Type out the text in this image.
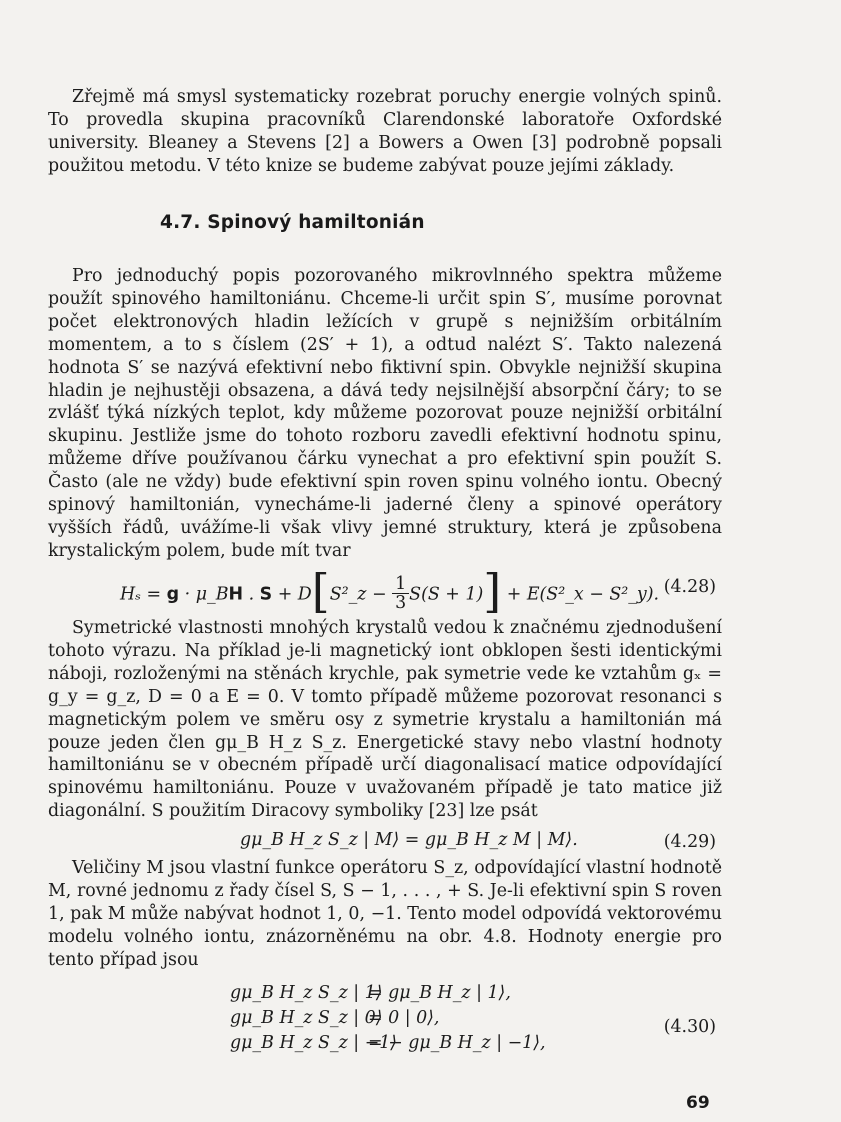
Zřejmě má smysl systematicky rozebrat poruchy energie volných spinů. To provedla skupina pracovníků Clarendonské laboratoře Oxfordské university. Bleaney a Stevens [2] a Bowers a Owen [3] podrobně popsali použitou metodu. V této knize se budeme zabývat pouze jejími základy.

4.7. Spinový hamiltonián

Pro jednoduchý popis pozorovaného mikrovlnného spektra můžeme použít spinového hamiltoniánu. Chceme-li určit spin S′, musíme porovnat počet elektronových hladin ležících v grupě s nejnižším orbitálním momentem, a to s číslem (2S′ + 1), a odtud nalézt S′. Takto nalezená hodnota S′ se nazývá efektivní nebo fiktivní spin. Obvykle nejnižší skupina hladin je nejhustěji obsazena, a dává tedy nejsilnější absorpční čáry; to se zvlášť týká nízkých teplot, kdy můžeme pozorovat pouze nejnižší orbitální skupinu. Jestliže jsme do tohoto rozboru zavedli efektivní hodnotu spinu, můžeme dříve používanou čárku vynechat a pro efektivní spin použít S. Často (ale ne vždy) bude efektivní spin roven spinu volného iontu. Obecný spinový hamiltonián, vynecháme-li jaderné členy a spinové operátory vyšších řádů, uvážíme-li však vlivy jemné struktury, která je způsobena krystalickým polem, bude mít tvar

Hₛ = g · μ_BH . S + D[S²_z − $\frac{1}{3} S(S + 1)$] + E(S²_x − S²_y). (4.28)

Symetrické vlastnosti mnohých krystalů vedou k značnému zjednodušení tohoto výrazu. Na příklad je-li magnetický iont obklopen šesti identickými náboji, rozloženými na stěnách krychle, pak symetrie vede ke vztahům gₓ = g_y = g_z, D = 0 a E = 0. V tomto případě můžeme pozorovat resonanci s magnetickým polem ve směru osy z symetrie krystalu a hamiltonián má pouze jeden člen gμ_B H_z S_z. Energetické stavy nebo vlastní hodnoty hamiltoniánu se v obecném případě určí diagonalisací matice odpovídající spinovému hamiltoniánu. Pouze v uvažovaném případě je tato matice již diagonální. S použitím Diracovy symboliky [23] lze psát

gμ_B H_z S_z | M⟩ = gμ_B H_z M | M⟩.	(4.29)

Veličiny M jsou vlastní funkce operátoru S_z, odpovídající vlastní hodnotě M, rovné jednomu z řady čísel S, S − 1, . . . , + S. Je-li efektivní spin S roven 1, pak M může nabývat hodnot 1, 0, −1. Tento model odpovídá vektorovému modelu volného iontu, znázorněnému na obr. 4.8. Hodnoty energie pro tento případ jsou

gμ_B H_z S_z | 1⟩
= gμ_B H_z | 1⟩,
gμ_B H_z S_z | 0⟩
= 0 | 0⟩,
gμ_B H_z S_z | −1⟩
= − gμ_B H_z | −1⟩,
(4.30)
69
